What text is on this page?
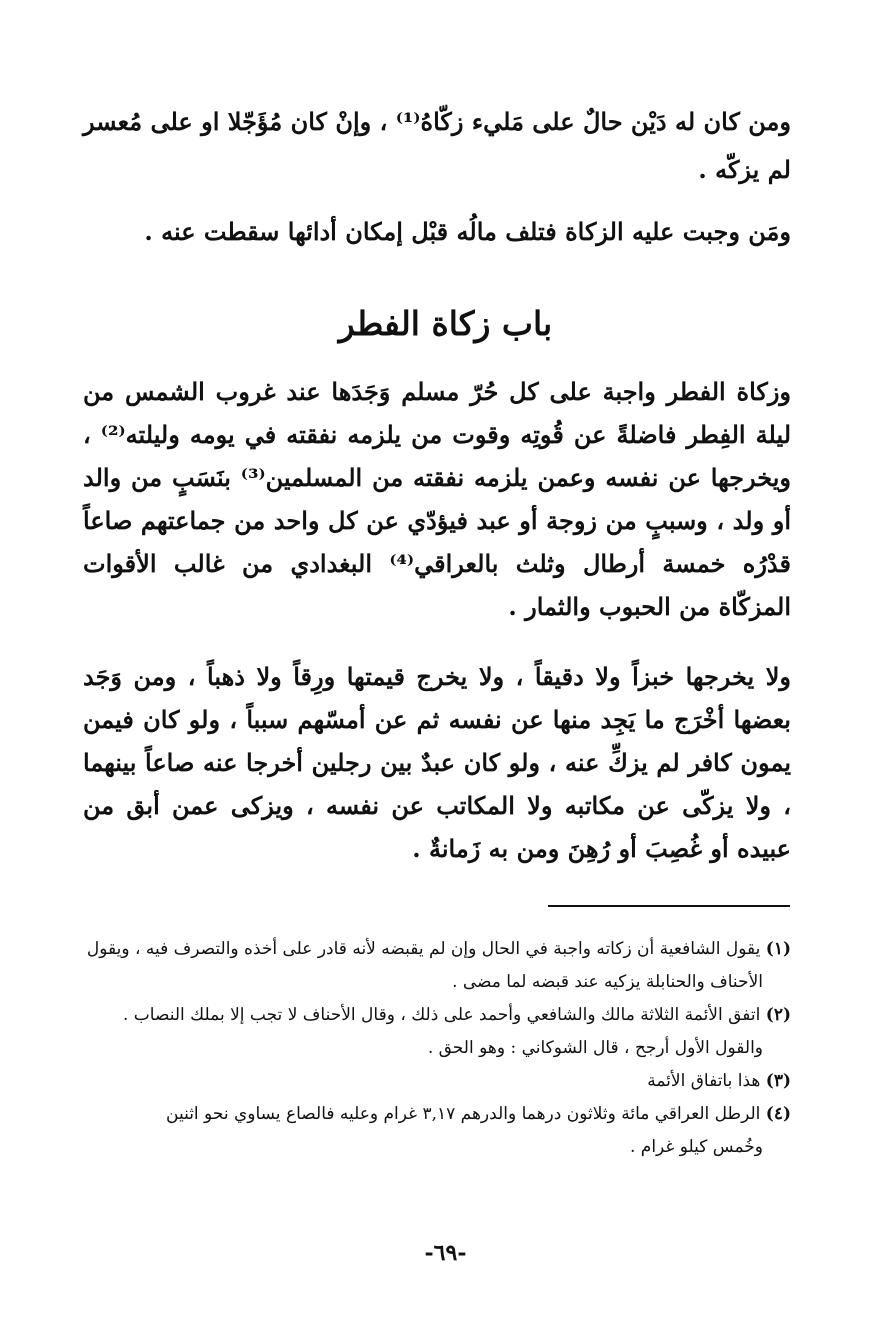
ومن كان له دَيْن حالٌ على مَليء زكّاهُ⁽¹⁾ ، وإنْ كان مُؤَجّلا او على مُعسر لم يزكّه .

ومَن وجبت عليه الزكاة فتلف مالُه قبْل إمكان أدائها سقطت عنه .

باب زكاة الفطر

وزكاة الفطر واجبة على كل حُرّ مسلم وَجَدَها عند غروب الشمس من ليلة الفِطر فاضلةً عن قُوتِه وقوت من يلزمه نفقته في يومه وليلته⁽²⁾ ، ويخرجها عن نفسه وعمن يلزمه نفقته من المسلمين⁽³⁾ بنَسَبٍ من والد أو ولد ، وسببٍ من زوجة أو عبد فيؤدّي عن كل واحد من جماعتهم صاعاً قدْرُه خمسة أرطال وثلث بالعراقي⁽⁴⁾ البغدادي من غالب الأقوات المزكّاة من الحبوب والثمار .

ولا يخرجها خبزاً ولا دقيقاً ، ولا يخرج قيمتها ورِقاً ولا ذهباً ، ومن وَجَد بعضها أخْرَج ما يَجِد منها عن نفسه ثم عن أمسّهم سبباً ، ولو كان فيمن يمون كافر لم يزكِّ عنه ، ولو كان عبدٌ بين رجلين أخرجا عنه صاعاً بينهما ، ولا يزكّى عن مكاتبه ولا المكاتب عن نفسه ، ويزكى عمن أبق من عبيده أو غُصِبَ أو رُهِنَ ومن به زَمانةٌ .

(١) يقول الشافعية أن زكاته واجبة في الحال وإن لم يقبضه لأنه قادر على أخذه والتصرف فيه ، ويقول
الأحناف والحنابلة يزكيه عند قبضه لما مضى .
(٢) اتفق الأئمة الثلاثة مالك والشافعي وأحمد على ذلك ، وقال الأحناف لا تجب إلا بملك النصاب .
والقول الأول أرجح ، قال الشوكاني : وهو الحق .
(٣) هذا باتفاق الأئمة
(٤) الرطل العراقي مائة وثلاثون درهما والدرهم ٣,١٧ غرام وعليه فالصاع يساوي نحو اثنين
وخُمس كيلو غرام .
-٦٩-
